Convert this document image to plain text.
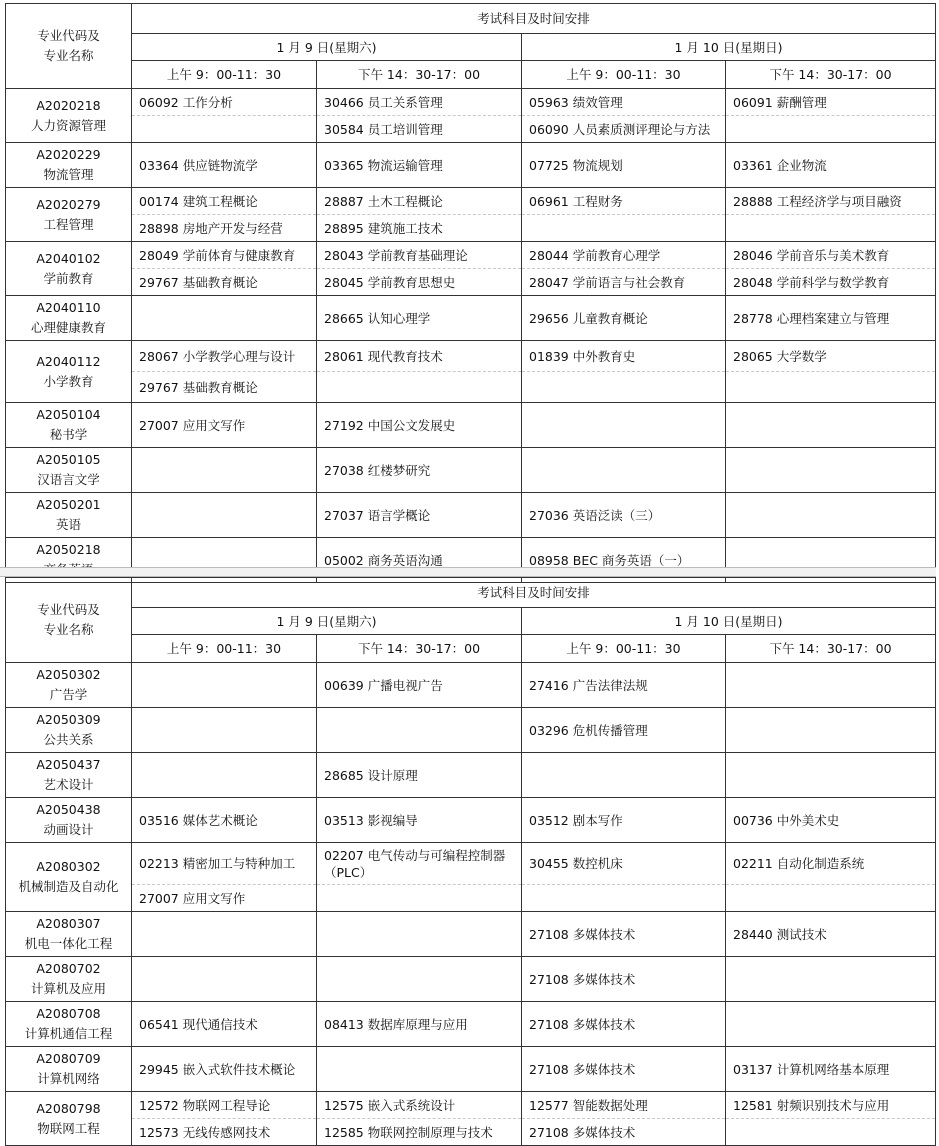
专业代码及
专业名称	考试科目及时间安排			
	1 月 9 日(星期六)		1 月 10 日(星期日)	
	上午 9：00-11：30	下午 14：30-17：00	上午 9：00-11：30	下午 14：30-17：00
A2020218
人力资源管理	06092 工作分析	30466 员工关系管理	05963 绩效管理	06091 薪酬管理
		30584 员工培训管理	06090 人员素质测评理论与方法	
A2020229
物流管理	03364 供应链物流学	03365 物流运输管理	07725 物流规划	03361 企业物流
A2020279
工程管理	00174 建筑工程概论	28887 土木工程概论	06961 工程财务	28888 工程经济学与项目融资
	28898 房地产开发与经营	28895 建筑施工技术		
A2040102
学前教育	28049 学前体育与健康教育	28043 学前教育基础理论	28044 学前教育心理学	28046 学前音乐与美术教育
	29767 基础教育概论	28045 学前教育思想史	28047 学前语言与社会教育	28048 学前科学与数学教育
A2040110
心理健康教育		28665 认知心理学	29656 儿童教育概论	28778 心理档案建立与管理
A2040112
小学教育	28067 小学教学心理与设计	28061 现代教育技术	01839 中外教育史	28065 大学数学
	29767 基础教育概论			
A2050104
秘书学	27007 应用文写作	27192 中国公文发展史		
A2050105
汉语言文学		27038 红楼梦研究		
A2050201
英语		27037 语言学概论	27036 英语泛读（三）	
A2050218		05002 商务英语沟通	08958 BEC 商务英语（一）	
专业代码及
专业名称	考试科目及时间安排			
	1 月 9 日(星期六)		1 月 10 日(星期日)	
	上午 9：00-11：30	下午 14：30-17：00	上午 9：00-11：30	下午 14：30-17：00
A2050302
广告学		00639 广播电视广告	27416 广告法律法规	
A2050309
公共关系			03296 危机传播管理	
A2050437
艺术设计		28685 设计原理		
A2050438
动画设计	03516 媒体艺术概论	03513 影视编导	03512 剧本写作	00736 中外美术史
A2080302
机械制造及自动化	02213 精密加工与特种加工	02207 电气传动与可编程控制器（PLC）	30455 数控机床	02211 自动化制造系统
	27007 应用文写作			
A2080307
机电一体化工程			27108 多媒体技术	28440 测试技术
A2080702
计算机及应用			27108 多媒体技术	
A2080708
计算机通信工程	06541 现代通信技术	08413 数据库原理与应用	27108 多媒体技术	
A2080709
计算机网络	29945 嵌入式软件技术概论		27108 多媒体技术	03137 计算机网络基本原理
A2080798
物联网工程	12572 物联网工程导论	12575 嵌入式系统设计	12577 智能数据处理	12581 射频识别技术与应用
	12573 无线传感网技术	12585 物联网控制原理与技术	27108 多媒体技术	
